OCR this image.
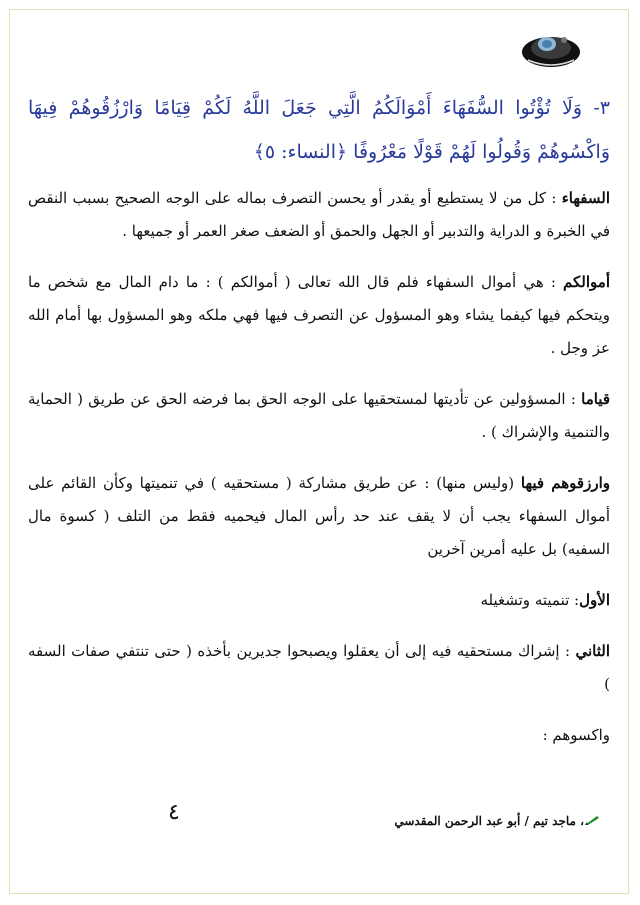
٣- وَلَا تُؤْتُوا السُّفَهَاءَ أَمْوَالَكُمُ الَّتِي جَعَلَ اللَّهُ لَكُمْ قِيَامًا وَارْزُقُوهُمْ فِيهَا وَاكْسُوهُمْ وَقُولُوا لَهُمْ قَوْلًا مَعْرُوفًا ﴿النساء: ٥﴾

السفهاء : كل من لا يستطيع أو يقدر أو يحسن التصرف بماله على الوجه الصحيح بسبب النقص في الخبرة و الدراية والتدبير أو الجهل والحمق أو الضعف صغر العمر أو جميعها .

أموالكم : هي أموال السفهاء فلم قال الله تعالى ( أموالكم ) : ما دام المال مع شخص ما ويتحكم فيها كيفما يشاء وهو المسؤول عن التصرف فيها فهي ملكه وهو المسؤول بها أمام الله عز وجل .

قياما : المسؤولين عن تأديتها لمستحقيها على الوجه الحق بما فرضه الحق عن طريق ( الحماية والتنمية والإشراك ) .

وارزقوهم فيها (وليس منها) : عن طريق مشاركة ( مستحقيه ) في تنميتها وكأن القائم على أموال السفهاء يجب أن لا يقف عند حد رأس المال فيحميه فقط من التلف ( كسوة مال السفيه) بل عليه أمرين آخرين

الأول: تنميته وتشغيله

الثاني : إشراك مستحقيه فيه إلى أن يعقلوا ويصبحوا جديرين بأخذه ( حتى تنتفي صفات السفه )

واكسوهم :

٤	، ماجد تيم / أبو عبد الرحمن المقدسي
